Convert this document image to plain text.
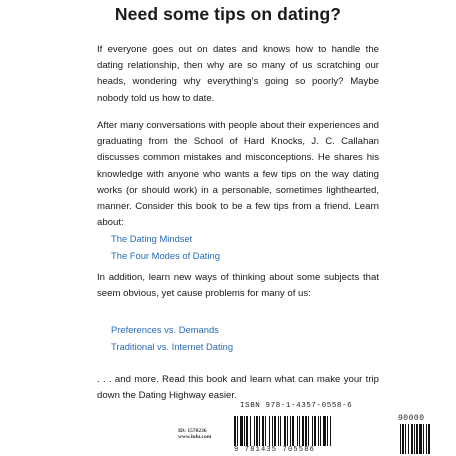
Need some tips on dating?

If everyone goes out on dates and knows how to handle the dating relationship, then why are so many of us scratching our heads, wondering why everything’s going so poorly? Maybe nobody told us how to date.

After many conversations with people about their experiences and graduating from the School of Hard Knocks, J. C. Callahan discusses common mistakes and misconceptions. He shares his knowledge with anyone who wants a few tips on the way dating works (or should work) in a personable, sometimes lighthearted, manner. Consider this book to be a few tips from a friend. Learn about:

The Dating Mindset
The Four Modes of Dating

In addition, learn new ways of thinking about some subjects that seem obvious, yet cause problems for many of us:

Preferences vs. Demands
Traditional vs. Internet Dating

. . . and more. Read this book and learn what can make your trip down the Dating Highway easier.

ID: 1570236
www.lulu.com
ISBN 978-1-4357-0558-6
90000
9 781435 705586
